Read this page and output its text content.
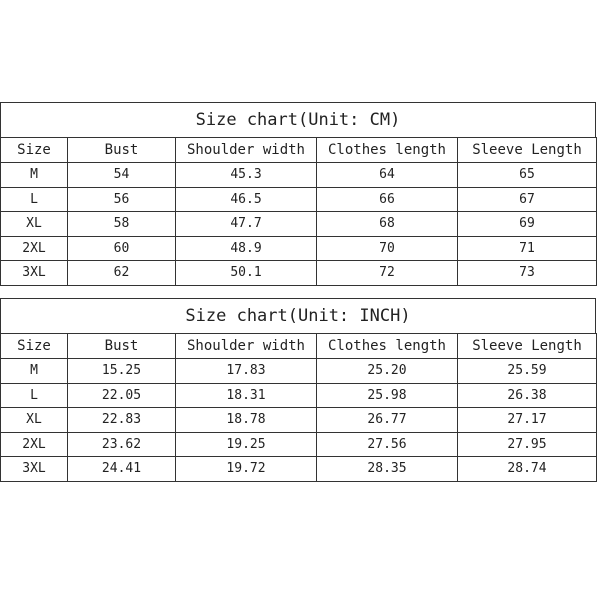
Size chart(Unit: CM)
Size	Bust	Shoulder width	Clothes length	Sleeve Length
M	54	45.3	64	65
L	56	46.5	66	67
XL	58	47.7	68	69
2XL	60	48.9	70	71
3XL	62	50.1	72	73
Size chart(Unit: INCH)
Size	Bust	Shoulder width	Clothes length	Sleeve Length
M	15.25	17.83	25.20	25.59
L	22.05	18.31	25.98	26.38
XL	22.83	18.78	26.77	27.17
2XL	23.62	19.25	27.56	27.95
3XL	24.41	19.72	28.35	28.74
